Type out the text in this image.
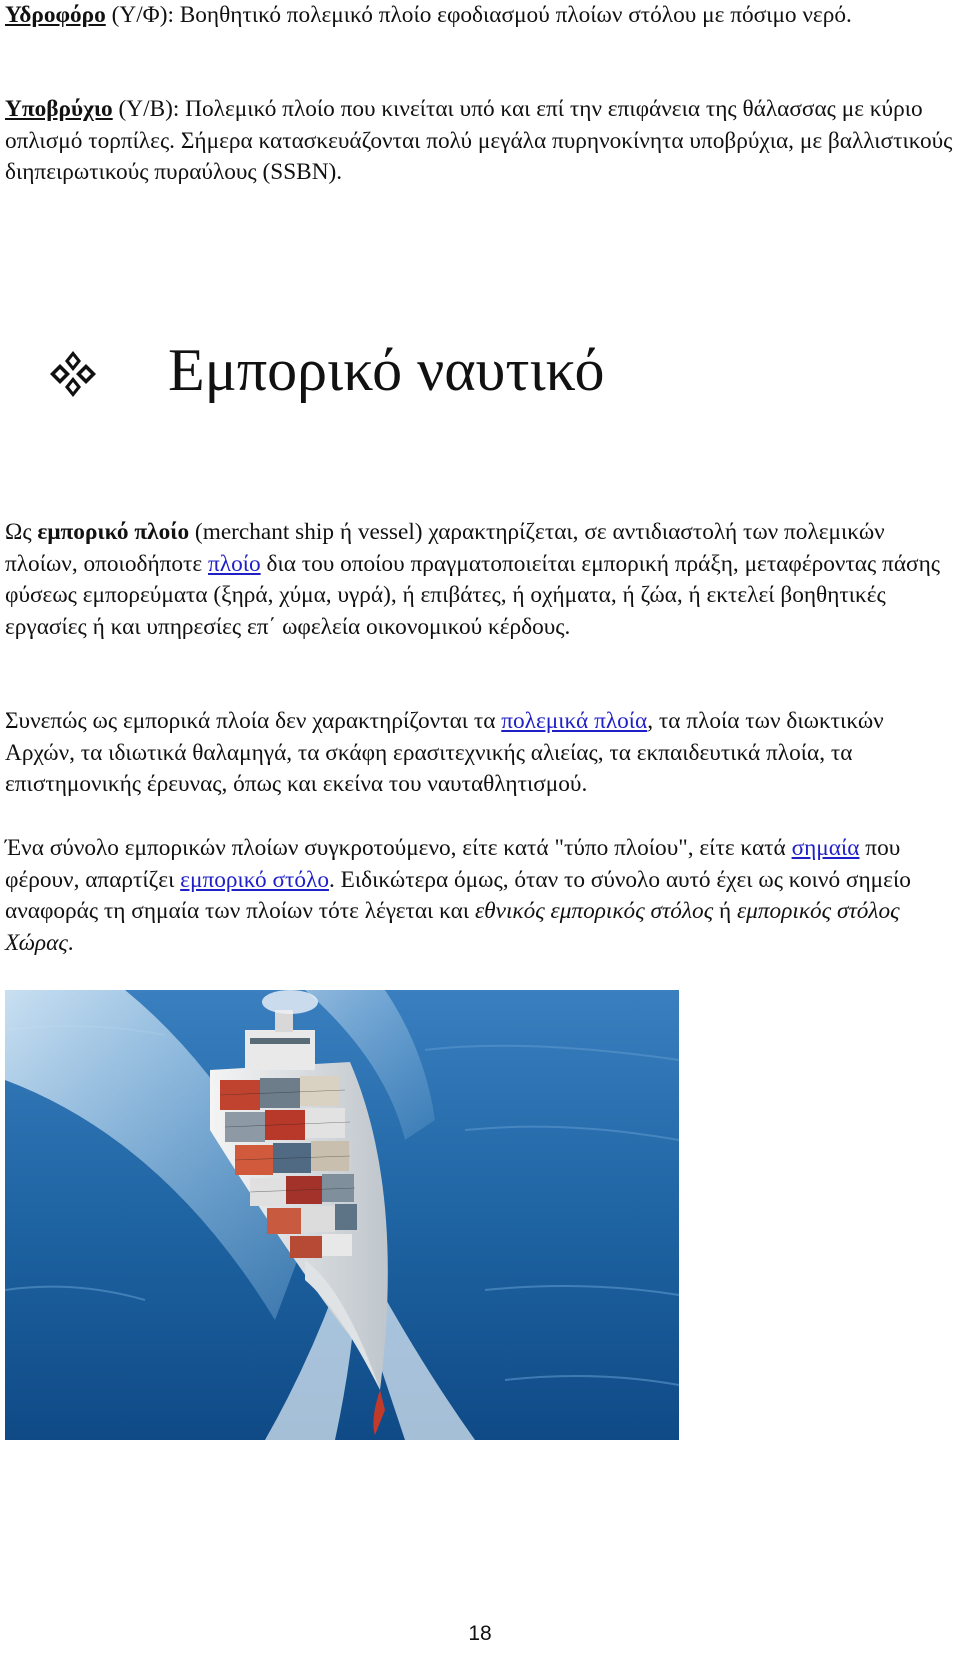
Υδροφόρο (Υ/Φ): Βοηθητικό πολεμικό πλοίο εφοδιασμού πλοίων στόλου με πόσιμο νερό.

Υποβρύχιο (Υ/Β): Πολεμικό πλοίο που κινείται υπό και επί την επιφάνεια της θάλασσας με κύριο οπλισμό τορπίλες. Σήμερα κατασκευάζονται πολύ μεγάλα πυρηνοκίνητα υποβρύχια, με βαλλιστικούς διηπειρωτικούς πυραύλους (SSBN).

Εμπορικό ναυτικό

Ως εμπορικό πλοίο (merchant ship ή vessel) χαρακτηρίζεται, σε αντιδιαστολή των πολεμικών πλοίων, οποιοδήποτε πλοίο δια του οποίου πραγματοποιείται εμπορική πράξη, μεταφέροντας πάσης φύσεως εμπορεύματα (ξηρά, χύμα, υγρά), ή επιβάτες, ή οχήματα, ή ζώα, ή εκτελεί βοηθητικές εργασίες ή και υπηρεσίες επ΄ ωφελεία οικονομικού κέρδους.

Συνεπώς ως εμπορικά πλοία δεν χαρακτηρίζονται τα πολεμικά πλοία, τα πλοία των διωκτικών Αρχών, τα ιδιωτικά θαλαμηγά, τα σκάφη ερασιτεχνικής αλιείας, τα εκπαιδευτικά πλοία, τα επιστημονικής έρευνας, όπως και εκείνα του ναυταθλητισμού.

Ένα σύνολο εμπορικών πλοίων συγκροτούμενο, είτε κατά "τύπο πλοίου", είτε κατά σημαία που φέρουν, απαρτίζει εμπορικό στόλο. Ειδικώτερα όμως, όταν το σύνολο αυτό έχει ως κοινό σημείο αναφοράς τη σημαία των πλοίων τότε λέγεται και εθνικός εμπορικός στόλος ή εμπορικός στόλος Χώρας.

18
